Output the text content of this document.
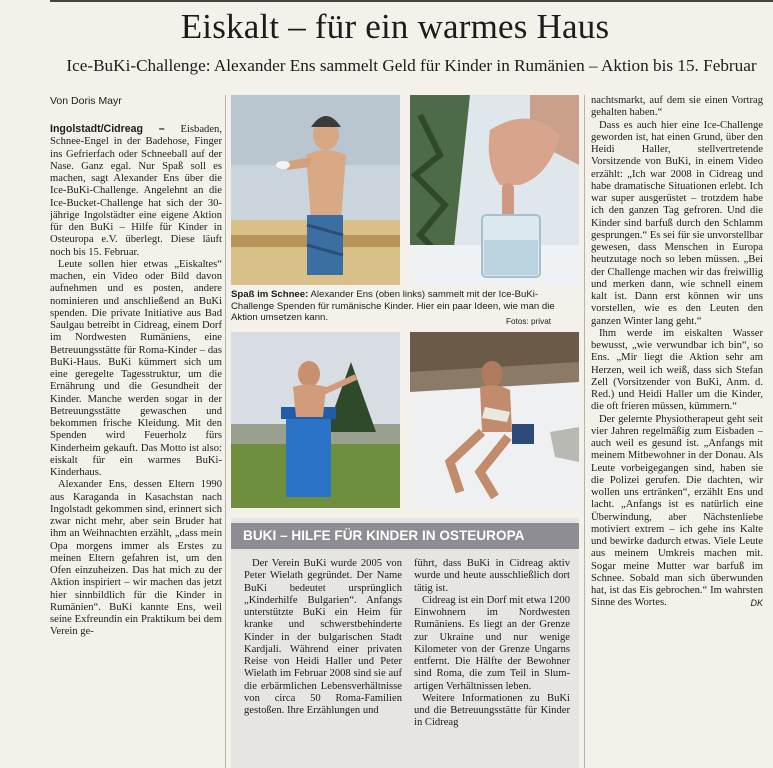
Eiskalt – für ein warmes Haus
Ice-BuKi-Challenge: Alexander Ens sammelt Geld für Kinder in Rumänien – Aktion bis 15. Februar
Von Doris Mayr

Ingolstadt/Cidreag – Eisbaden, Schnee-Engel in der Badehose, Finger ins Gefrierfach oder Schneeball auf der Nase. Ganz egal. Nur Spaß soll es machen, sagt Alexander Ens über die Ice-BuKi-Challenge. Angelehnt an die Ice-Bucket-Challenge hat sich der 30-jährige Ingolstädter eine eigene Aktion für den BuKi – Hilfe für Kinder in Osteuropa e.V. überlegt. Diese läuft noch bis 15. Februar.

Leute sollen hier etwas „Eiskaltes“ machen, ein Video oder Bild davon aufnehmen und es posten, andere nominieren und anschließend an BuKi spenden. Die private Initiative aus Bad Saulgau betreibt in Cidreag, einem Dorf im Nordwesten Rumäniens, eine Betreuungsstätte für Roma-Kinder – das BuKi-Haus. BuKi kümmert sich um eine geregelte Tagesstruktur, um die Ernährung und die Gesundheit der Kinder. Manche werden sogar in der Betreuungsstätte gewaschen und bekommen frische Kleidung. Mit den Spenden wird Feuerholz fürs Kinderheim gekauft. Das Motto ist also: eiskalt für ein warmes BuKi-Kinderhaus.

Alexander Ens, dessen Eltern 1990 aus Karaganda in Kasachstan nach Ingolstadt gekommen sind, erinnert sich zwar nicht mehr, aber sein Bruder hat ihm an Weihnachten erzählt, „dass mein Opa morgens immer als Erstes zu meinen Eltern gefahren ist, um den Ofen einzuheizen. Das hat mich zu der Aktion inspiriert – wir machen das jetzt hier sinnbildlich für die Kinder in Rumänien“. BuKi kannte Ens, weil seine Exfreundin ein Praktikum bei dem Verein ge-

Spaß im Schnee: Alexander Ens (oben links) sammelt mit der Ice-BuKi-Challenge Spenden für rumänische Kinder. Hier ein paar Ideen, wie man die Aktion umsetzen kann.	Fotos: privat
BUKI – HILFE FÜR KINDER IN OSTEUROPA

Der Verein BuKi wurde 2005 von Peter Wielath gegründet. Der Name BuKi bedeutet ursprünglich „Kinderhilfe Bulgarien“. Anfangs unterstützte BuKi ein Heim für kranke und schwerstbehinderte Kinder in der bulgarischen Stadt Kardjali. Während einer privaten Reise von Heidi Haller und Peter Wielath im Februar 2008 sind sie auf die erbärmlichen Lebensverhältnisse von circa 50 Roma-Familien gestoßen. Ihre Erzählungen und

führt, dass BuKi in Cidreag aktiv wurde und heute ausschließlich dort tätig ist.

Cidreag ist ein Dorf mit etwa 1200 Einwohnern im Nordwesten Rumäniens. Es liegt an der Grenze zur Ukraine und nur wenige Kilometer von der Grenze Ungarns entfernt. Die Hälfte der Bewohner sind Roma, die zum Teil in Slum-artigen Verhältnissen leben.

Weitere Informationen zu BuKi und die Betreuungsstätte für Kinder in Cidreag

nachtsmarkt, auf dem sie einen Vortrag gehalten haben.“

Dass es auch hier eine Ice-Challenge geworden ist, hat einen Grund, über den Heidi Haller, stellvertretende Vorsitzende von BuKi, in einem Video erzählt: „Ich war 2008 in Cidreag und habe dramatische Situationen erlebt. Ich war super ausgerüstet – trotzdem habe ich den ganzen Tag gefroren. Und die Kinder sind barfuß durch den Schlamm gesprungen.“ Es sei für sie unvorstellbar gewesen, dass Menschen in Europa heutzutage noch so leben müssen. „Bei der Challenge machen wir das freiwillig und merken dann, wie schnell einem kalt ist. Dann erst können wir uns vorstellen, wie es den Leuten den ganzen Winter lang geht.“

Ihm werde im eiskalten Wasser bewusst, „wie verwundbar ich bin“, so Ens. „Mir liegt die Aktion sehr am Herzen, weil ich weiß, dass sich Stefan Zell (Vorsitzender von BuKi, Anm. d. Red.) und Heidi Haller um die Kinder, die oft frieren müssen, kümmern.“

Der gelernte Physiotherapeut geht seit vier Jahren regelmäßig zum Eisbaden – auch weil es gesund ist. „Anfangs mit meinem Mitbewohner in der Donau. Als Leute vorbeigegangen sind, haben sie die Polizei gerufen. Die dachten, wir wollen uns ertränken“, erzählt Ens und lacht. „Anfangs ist es natürlich eine Überwindung, aber Nächstenliebe motiviert extrem – ich gehe ins Kalte und bewirke dadurch etwas. Viele Leute aus meinem Umkreis machen mit. Sogar meine Mutter war barfuß im Schnee. Sobald man sich überwunden hat, ist das Eis gebrochen.“ Im wahrsten Sinne des Wortes.	DK
